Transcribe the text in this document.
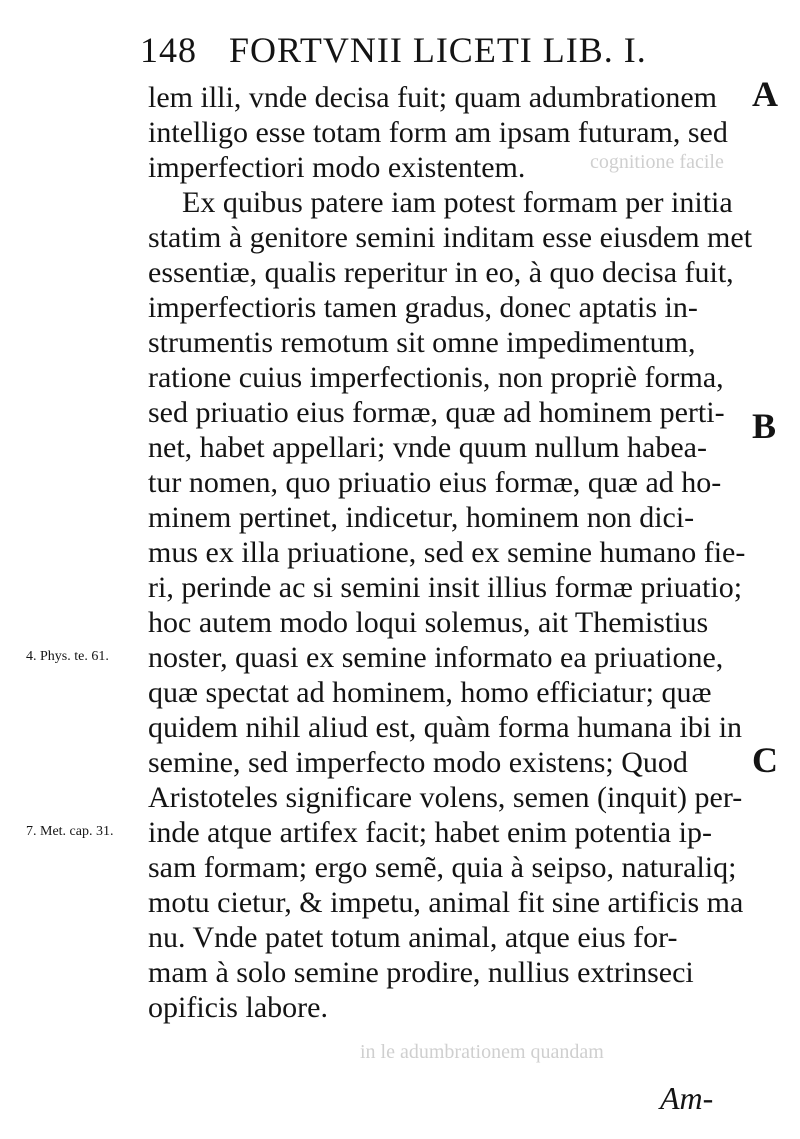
148 FORTVNII LICETI LIB. I.
cognitione facile
in le adumbrationem quandam
lem illi, vnde decisa fuit; quam adumbrationem
intelligo esse totam form am ipsam futuram, sed
imperfectiori modo existentem.
Ex quibus patere iam potest formam per initia
statim à genitore semini inditam esse eiusdem met
essentiæ, qualis reperitur in eo, à quo decisa fuit,
imperfectioris tamen gradus, donec aptatis in-
strumentis remotum sit omne impedimentum,
ratione cuius imperfectionis, non propriè forma,
sed priuatio eius formæ, quæ ad hominem perti-
net, habet appellari; vnde quum nullum habea-
tur nomen, quo priuatio eius formæ, quæ ad ho-
minem pertinet, indicetur, hominem non dici-
mus ex illa priuatione, sed ex semine humano fie-
ri, perinde ac si semini insit illius formæ priuatio;
hoc autem modo loqui solemus, ait Themistius
noster, quasi ex semine informato ea priuatione,
quæ spectat ad hominem, homo efficiatur; quæ
quidem nihil aliud est, quàm forma humana ibi in
semine, sed imperfecto modo existens; Quod
Aristoteles significare volens, semen (inquit) per-
inde atque artifex facit; habet enim potentia ip-
sam formam; ergo semẽ, quia à seipso, naturaliq;
motu cietur, & impetu, animal fit sine artificis ma
nu. Vnde patet totum animal, atque eius for-
mam à solo semine prodire, nullius extrinseci
opificis labore.
A
B
C
4. Phys. te. 61.
7. Met. cap. 31.
Am-
